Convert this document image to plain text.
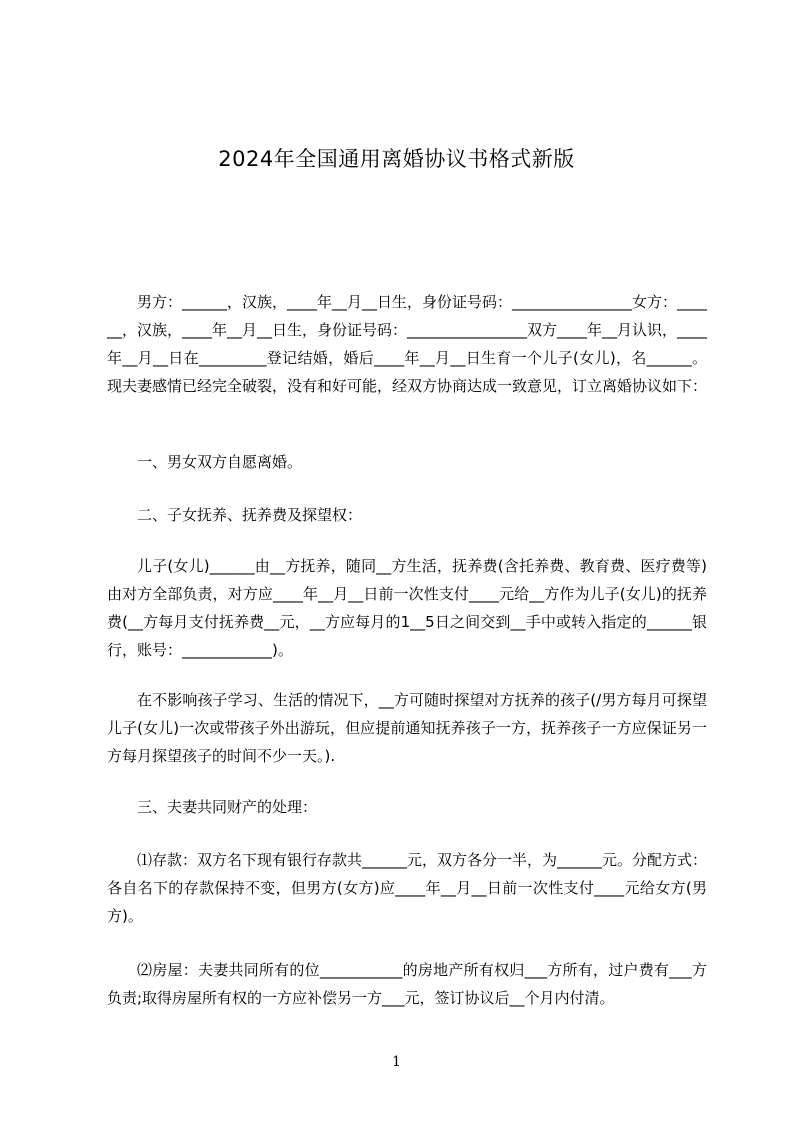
2024年全国通用离婚协议书格式新版
男方：______，汉族，____年__月__日生，身份证号码：________________女方：______，汉族，____年__月__日生，身份证号码：________________双方____年__月认识，____年__月__日在_________登记结婚，婚后____年__月__日生育一个儿子(女儿)，名______。现夫妻感情已经完全破裂，没有和好可能，经双方协商达成一致意见，订立离婚协议如下：
一、男女双方自愿离婚。
二、子女抚养、抚养费及探望权：
儿子(女儿)______由__方抚养，随同__方生活，抚养费(含托养费、教育费、医疗费等)由对方全部负责，对方应____年__月__日前一次性支付____元给__方作为儿子(女儿)的抚养费(__方每月支付抚养费__元，__方应每月的1__5日之间交到__手中或转入指定的______银行，账号：____________)。
在不影响孩子学习、生活的情况下，__方可随时探望对方抚养的孩子(/男方每月可探望儿子(女儿)一次或带孩子外出游玩，但应提前通知抚养孩子一方，抚养孩子一方应保证另一方每月探望孩子的时间不少一天。).
三、夫妻共同财产的处理：
⑴存款：双方名下现有银行存款共______元，双方各分一半，为______元。分配方式：各自名下的存款保持不变，但男方(女方)应____年__月__日前一次性支付____元给女方(男方)。
⑵房屋：夫妻共同所有的位___________的房地产所有权归___方所有，过户费有___方负责;取得房屋所有权的一方应补偿另一方___元，签订协议后__个月内付清。
1
